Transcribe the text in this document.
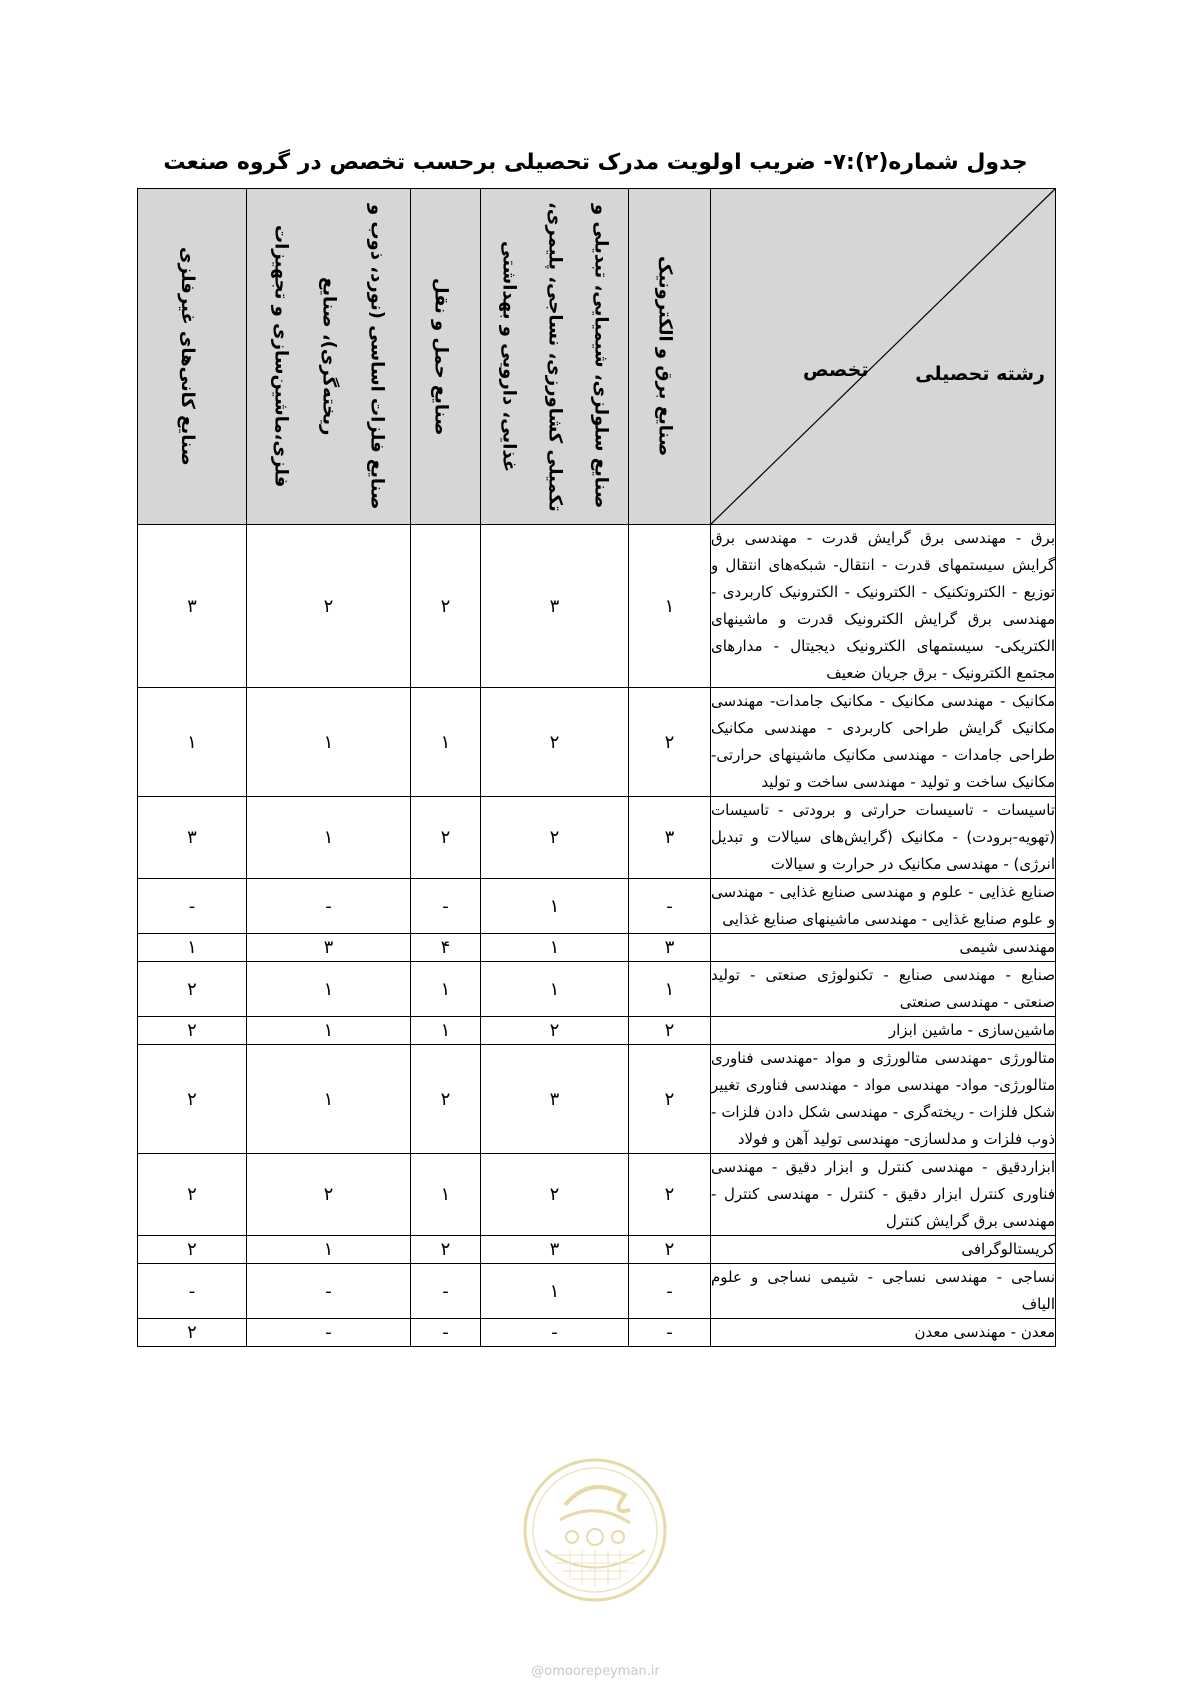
جدول شماره(۲):۷- ضریب اولویت مدرک تحصیلی برحسب تخصص در گروه صنعت
رشته تحصیلی
تخصص	صنایع برق و الکترونیک	صنایع سلولزی، شیمیایی، تبدیلی و تکمیلی کشاورزی، نساجی، پلیمری، غذایی، دارویی و بهداشتی	صنایع حمل و نقل	صنایع فلزات اساسی (نورد، ذوب و ریخته‌گری)، صنایع فلزی،ماشین‌سازی و تجهیزات	صنایع کانی‌های غیرفلزی

برق - مهندسی برق گرایش قدرت - مهندسی برق گرایش سیستمهای قدرت - انتقال- شبکه‌های انتقال و توزیع - الکتروتکنیک - الکترونیک - الکترونیک کاربردی - مهندسی برق گرایش الکترونیک قدرت و ماشینهای الکتریکی- سیستمهای الکترونیک دیجیتال - مدارهای مجتمع الکترونیک - برق جریان ضعیف	۱	۳	۲	۲	۳
مکانیک - مهندسی مکانیک - مکانیک جامدات- مهندسی مکانیک گرایش طراحی کاربردی - مهندسی مکانیک طراحی جامدات - مهندسی مکانیک ماشینهای حرارتی-مکانیک ساخت و تولید - مهندسی ساخت و تولید	۲	۲	۱	۱	۱
تاسیسات - تاسیسات حرارتی و برودتی - تاسیسات (تهویه-برودت) - مکانیک (گرایش‌های سیالات و تبدیل انرژی) - مهندسی مکانیک در حرارت و سیالات	۳	۲	۲	۱	۳
صنایع غذایی - علوم و مهندسی صنایع غذایی - مهندسی و علوم صنایع غذایی - مهندسی ماشینهای صنایع غذایی	-	۱	-	-	-
مهندسی شیمی	۳	۱	۴	۳	۱
صنایع - مهندسی صنایع - تکنولوژی صنعتی - تولید صنعتی - مهندسی صنعتی	۱	۱	۱	۱	۲
ماشین‌سازی - ماشین ابزار	۲	۲	۱	۱	۲
متالورژی -مهندسی متالورژی و مواد -مهندسی فناوری متالورژی- مواد- مهندسی مواد - مهندسی فناوری تغییر شکل فلزات - ریخته‌گری - مهندسی شکل دادن فلزات - ذوب فلزات و مدلسازی- مهندسی تولید آهن و فولاد	۲	۳	۲	۱	۲
ابزاردقیق - مهندسی کنترل و ابزار دقیق - مهندسی فناوری کنترل ابزار دقیق - کنترل - مهندسی کنترل - مهندسی برق گرایش کنترل	۲	۲	۱	۲	۲
کریستالوگرافی	۲	۳	۲	۱	۲
نساجی - مهندسی نساجی - شیمی نساجی و علوم الیاف	-	۱	-	-	-
معدن - مهندسی معدن	-	-	-	-	۲
@omoorepeyman.ir
